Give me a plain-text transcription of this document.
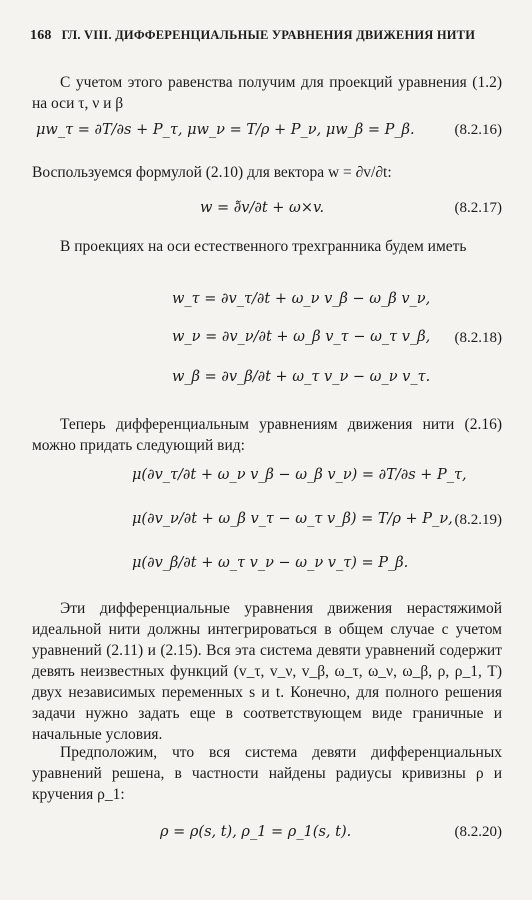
168 ГЛ. VIII. ДИФФЕРЕНЦИАЛЬНЫЕ УРАВНЕНИЯ ДВИЖЕНИЯ НИТИ
С учетом этого равенства получим для проекций уравнения (1.2) на оси τ, ν и β
μw_τ = ∂T/∂s + P_τ, μw_ν = T/ρ + P_ν, μw_β = P_β.	(8.2.16)
Воспользуемся формулой (2.10) для вектора w = ∂v/∂t:
w = ∂̃v/∂t + ω×v.	(8.2.17)
В проекциях на оси естественного трехгранника будем иметь
w_τ = ∂v_τ/∂t + ω_ν v_β − ω_β v_ν,
w_ν = ∂v_ν/∂t + ω_β v_τ − ω_τ v_β,
w_β = ∂v_β/∂t + ω_τ v_ν − ω_ν v_τ.
(8.2.18)
Теперь дифференциальным уравнениям движения нити (2.16) можно придать следующий вид:
μ(∂v_τ/∂t + ω_ν v_β − ω_β v_ν) = ∂T/∂s + P_τ,
μ(∂v_ν/∂t + ω_β v_τ − ω_τ v_β) = T/ρ + P_ν,
μ(∂v_β/∂t + ω_τ v_ν − ω_ν v_τ) = P_β.
(8.2.19)
Эти дифференциальные уравнения движения нерастяжимой идеальной нити должны интегрироваться в общем случае с учетом уравнений (2.11) и (2.15). Вся эта система девяти уравнений содержит девять неизвестных функций (v_τ, v_ν, v_β, ω_τ, ω_ν, ω_β, ρ, ρ_1, T) двух независимых переменных s и t. Конечно, для полного решения задачи нужно задать еще в соответствующем виде граничные и начальные условия.
Предположим, что вся система девяти дифференциальных уравнений решена, в частности найдены радиусы кривизны ρ и кручения ρ_1:
ρ = ρ(s, t), ρ_1 = ρ_1(s, t).	(8.2.20)
